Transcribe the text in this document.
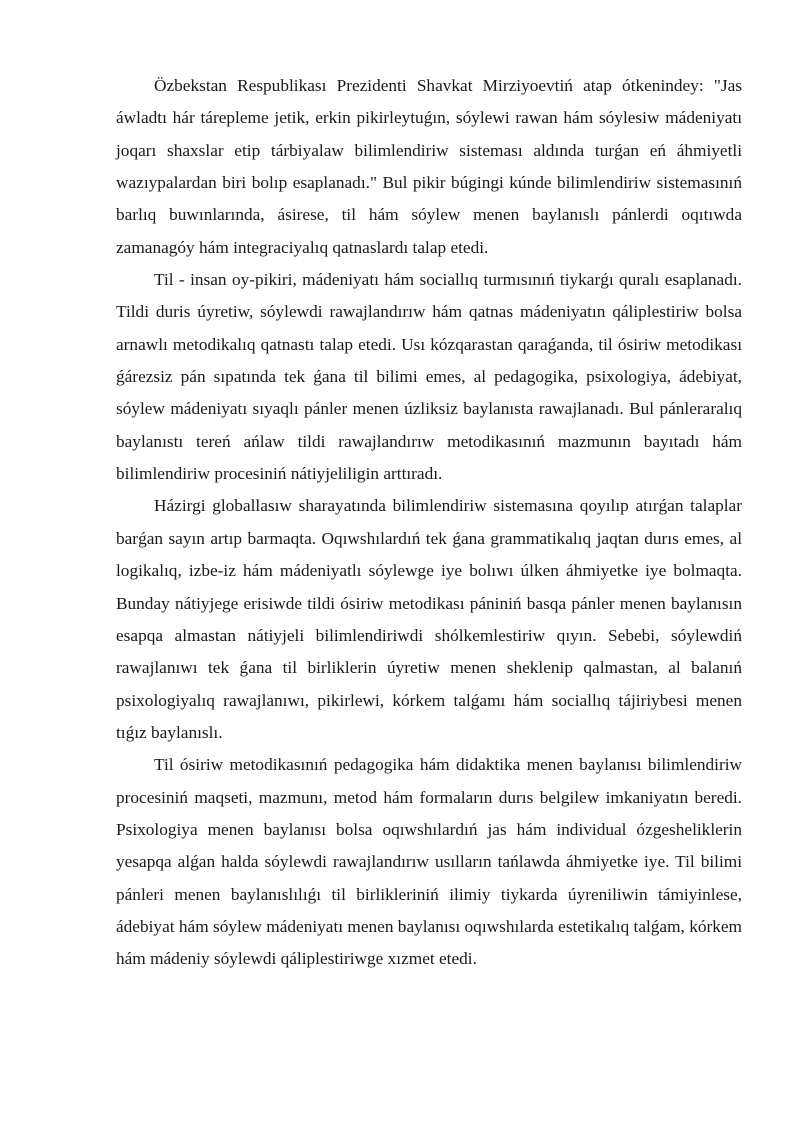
Özbekstan Respublikası Prezidenti Shavkat Mirziyoevtiń atap ótkenindey: "Jas áwladtı hár tárepleme jetik, erkin pikirleytuǵın, sóylewi rawan hám sóylesiw mádeniyatı joqarı shaxslar etip tárbiyalaw bilimlendiriw sisteması aldında turǵan eń áhmiyetli wazıypalardan biri bolıp esaplanadı." Bul pikir búgingi kúnde bilimlendiriw sistemasınıń barlıq buwınlarında, ásirese, til hám sóylew menen baylanıslı pánlerdi oqıtıwda zamanagóy hám integraciyalıq qatnaslardı talap etedi.

Til - insan oy-pikiri, mádeniyatı hám sociallıq turmısınıń tiykarǵı quralı esaplanadı. Tildi duris úyretiw, sóylewdi rawajlandırıw hám qatnas mádeniyatın qáliplestiriw bolsa arnawlı metodikalıq qatnastı talap etedi. Usı kózqarastan qaraǵanda, til ósiriw metodikası ǵárezsiz pán sıpatında tek ǵana til bilimi emes, al pedagogika, psixologiya, ádebiyat, sóylew mádeniyatı sıyaqlı pánler menen úzliksiz baylanısta rawajlanadı. Bul pánleraralıq baylanıstı tereń ańlaw tildi rawajlandırıw metodikasınıń mazmunın bayıtadı hám bilimlendiriw procesiniń nátiyjeliligin arttıradı.

Házirgi globallasıw sharayatında bilimlendiriw sistemasına qoyılıp atırǵan talaplar barǵan sayın artıp barmaqta. Oqıwshılardıń tek ǵana grammatikalıq jaqtan durıs emes, al logikalıq, izbe-iz hám mádeniyatlı sóylewge iye bolıwı úlken áhmiyetke iye bolmaqta. Bunday nátiyjege erisiwde tildi ósiriw metodikası pániniń basqa pánler menen baylanısın esapqa almastan nátiyjeli bilimlendiriwdi shólkemlestiriw qıyın. Sebebi, sóylewdiń rawajlanıwı tek ǵana til birliklerin úyretiw menen sheklenip qalmastan, al balanıń psixologiyalıq rawajlanıwı, pikirlewi, kórkem talǵamı hám sociallıq tájiriybesi menen tıǵız baylanıslı.

Til ósiriw metodikasınıń pedagogika hám didaktika menen baylanısı bilimlendiriw procesiniń maqseti, mazmunı, metod hám formaların durıs belgilew imkaniyatın beredi. Psixologiya menen baylanısı bolsa oqıwshılardıń jas hám individual ózgesheliklerin yesapqa alǵan halda sóylewdi rawajlandırıw usılların tańlawda áhmiyetke iye. Til bilimi pánleri menen baylanıslılıǵı til birlikleriniń ilimiy tiykarda úyreniliwin támiyinlese, ádebiyat hám sóylew mádeniyatı menen baylanısı oqıwshılarda estetikalıq talǵam, kórkem hám mádeniy sóylewdi qáliplestiriwge xızmet etedi.
